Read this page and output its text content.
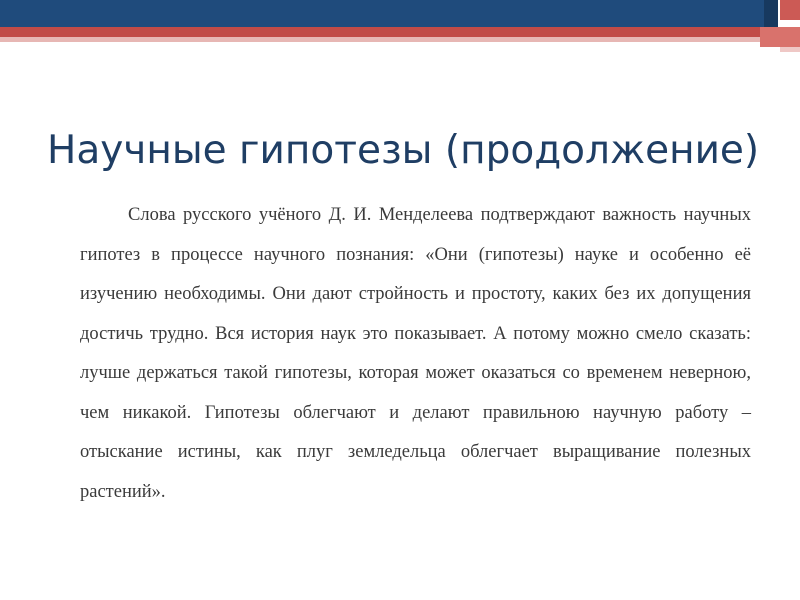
Научные гипотезы (продолжение)
Слова русского учёного Д. И. Менделеева подтверждают важность научных гипотез в процессе научного познания: «Они (гипотезы) науке и особенно её изучению необходимы. Они дают стройность и простоту, каких без их допущения достичь трудно. Вся история наук это показывает. А потому можно смело сказать: лучше держаться такой гипотезы, которая может оказаться со временем неверною, чем никакой. Гипотезы облегчают и делают правильною научную работу – отыскание истины, как плуг земледельца облегчает выращивание полезных растений».
